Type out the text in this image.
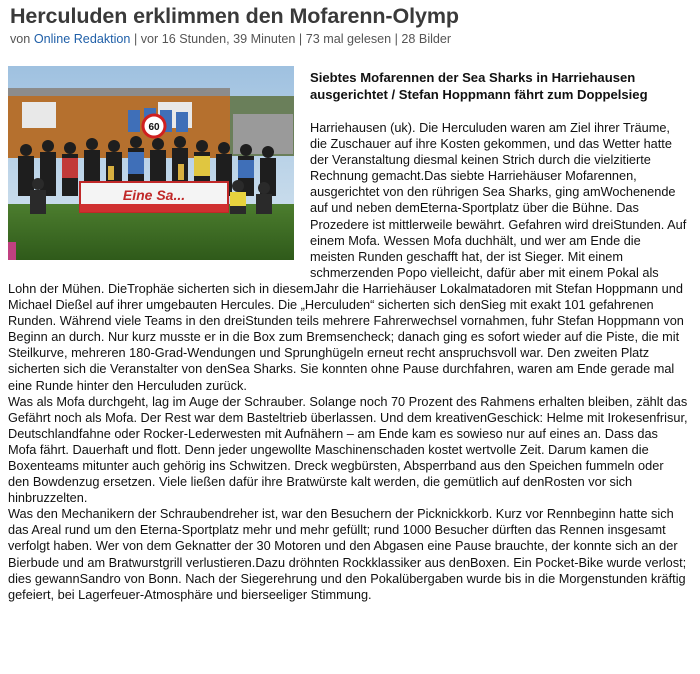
Herculuden erklimmen den Mofarenn-Olymp
von Online Redaktion | vor 16 Stunden, 39 Minuten | 73 mal gelesen | 28 Bilder
60
Eine Sa...
Siebtes Mofarennen der Sea Sharks in Harriehausen ausgerichtet / Stefan Hoppmann fährt zum Doppelsieg

Harriehausen (uk). Die Herculuden waren am Ziel ihrer Träume, die Zuschauer auf ihre Kosten gekommen, und das Wetter hatte der Veranstaltung diesmal keinen Strich durch die vielzitierte Rechnung gemacht.Das siebte Harriehäuser Mofarennen, ausgerichtet von den rührigen Sea Sharks, ging amWochenende auf und neben demEterna-Sportplatz über die Bühne. Das Prozedere ist mittlerweile bewährt. Gefahren wird dreiStunden. Auf einem Mofa. Wessen Mofa duchhält, und wer am Ende die meisten Runden geschafft hat, der ist Sieger. Mit einem schmerzenden Popo vielleicht, dafür aber mit einem Pokal als Lohn der Mühen. DieTrophäe sicherten sich in diesemJahr die Harriehäuser Lokalmatadoren mit Stefan Hoppmann und Michael Dießel auf ihrer umgebauten Hercules. Die „Herculuden“ sicherten sich denSieg mit exakt 101 gefahrenen Runden. Während viele Teams in den dreiStunden teils mehrere Fahrerwechsel vornahmen, fuhr Stefan Hoppmann von Beginn an durch. Nur kurz musste er in die Box zum Bremsencheck; danach ging es sofort wieder auf die Piste, die mit Steilkurve, mehreren 180-Grad-Wendungen und Sprunghügeln erneut recht anspruchsvoll war. Den zweiten Platz sicherten sich die Veranstalter von denSea Sharks. Sie konnten ohne Pause durchfahren, waren am Ende gerade mal eine Runde hinter den Herculuden zurück.

Was als Mofa durchgeht, lag im Auge der Schrauber. Solange noch 70 Prozent des Rahmens erhalten bleiben, zählt das Gefährt noch als Mofa. Der Rest war dem Basteltrieb überlassen. Und dem kreativenGeschick: Helme mit Irokesenfrisur, Deutschlandfahne oder Rocker-Lederwesten mit Aufnähern – am Ende kam es sowieso nur auf eines an. Dass das Mofa fährt. Dauerhaft und flott. Denn jeder ungewollte Maschinenschaden kostet wertvolle Zeit. Darum kamen die Boxenteams mitunter auch gehörig ins Schwitzen. Dreck wegbürsten, Absperrband aus den Speichen fummeln oder den Bowdenzug ersetzen. Viele ließen dafür ihre Bratwürste kalt werden, die gemütlich auf denRosten vor sich hinbruzzelten.

Was den Mechanikern der Schraubendreher ist, war den Besuchern der Picknickkorb. Kurz vor Rennbeginn hatte sich das Areal rund um den Eterna-Sportplatz mehr und mehr gefüllt; rund 1000 Besucher dürften das Rennen insgesamt verfolgt haben. Wer von dem Geknatter der 30 Motoren und den Abgasen eine Pause brauchte, der konnte sich an der Bierbude und am Bratwurstgrill verlustieren.Dazu dröhnten Rockklassiker aus denBoxen. Ein Pocket-Bike wurde verlost; dies gewannSandro von Bonn. Nach der Siegerehrung und den Pokalübergaben wurde bis in die Morgenstunden kräftig gefeiert, bei Lagerfeuer-Atmosphäre und bierseeliger Stimmung.
